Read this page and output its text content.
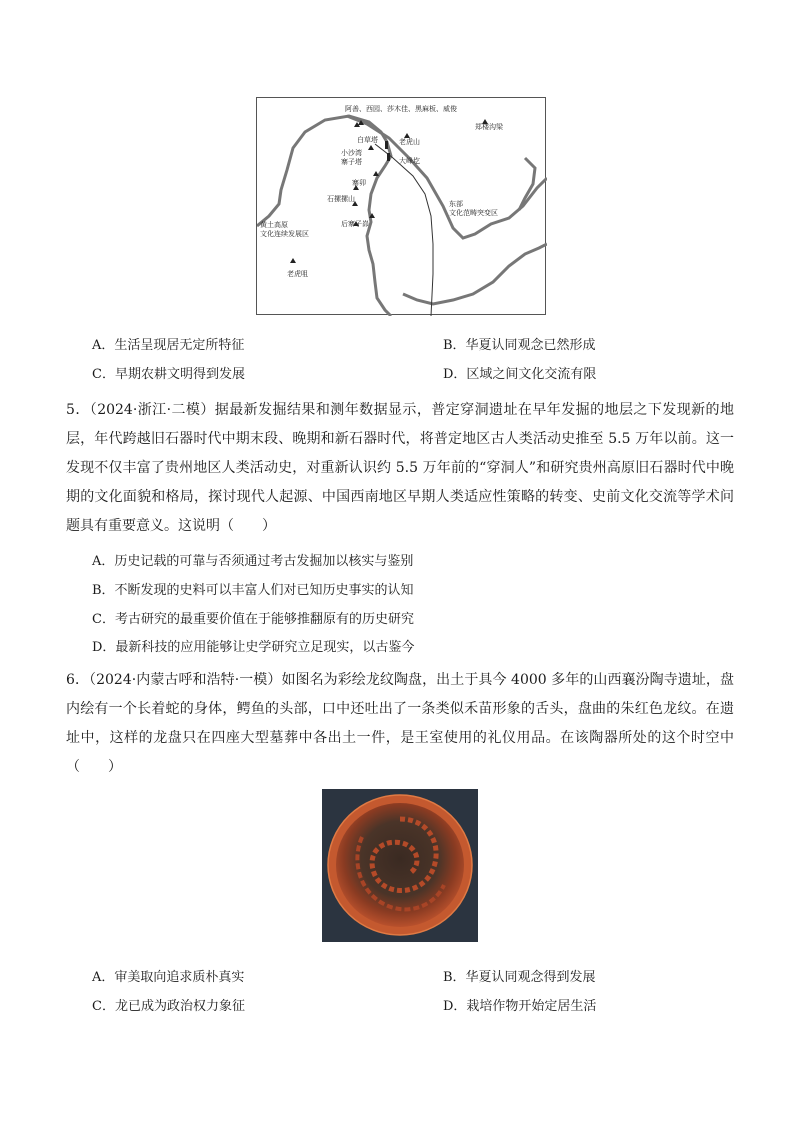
阿善、西园、莎木佳、黑麻板、威俊
郑楼沟梁
白草塔	老虎山
小沙湾
寨子塔	大峰圪
寨卯
石摞摞山
后寨子峁
黄土高原
文化连续发展区
东部
文化范畴突变区
老虎咀
A．生活呈现居无定所特征	B．华夏认同观念已然形成
C．早期农耕文明得到发展	D．区域之间文化交流有限
5．（2024·浙江·二模）据最新发掘结果和测年数据显示，普定穿洞遗址在早年发掘的地层之下发现新的地层，年代跨越旧石器时代中期末段、晚期和新石器时代，将普定地区古人类活动史推至 5.5 万年以前。这一发现不仅丰富了贵州地区人类活动史，对重新认识约 5.5 万年前的“穿洞人”和研究贵州高原旧石器时代中晚期的文化面貌和格局，探讨现代人起源、中国西南地区早期人类适应性策略的转变、史前文化交流等学术问题具有重要意义。这说明（　　）
A．历史记载的可靠与否须通过考古发掘加以核实与鉴别
B．不断发现的史料可以丰富人们对已知历史事实的认知
C．考古研究的最重要价值在于能够推翻原有的历史研究
D．最新科技的应用能够让史学研究立足现实，以古鉴今
6．（2024·内蒙古呼和浩特·一模）如图名为彩绘龙纹陶盘，出土于具今 4000 多年的山西襄汾陶寺遗址，盘内绘有一个长着蛇的身体，鳄鱼的头部，口中还吐出了一条类似禾苗形象的舌头，盘曲的朱红色龙纹。在遗址中，这样的龙盘只在四座大型墓葬中各出土一件，是王室使用的礼仪用品。在该陶器所处的这个时空中（　　）
A．审美取向追求质朴真实	B．华夏认同观念得到发展
C．龙已成为政治权力象征	D．栽培作物开始定居生活
